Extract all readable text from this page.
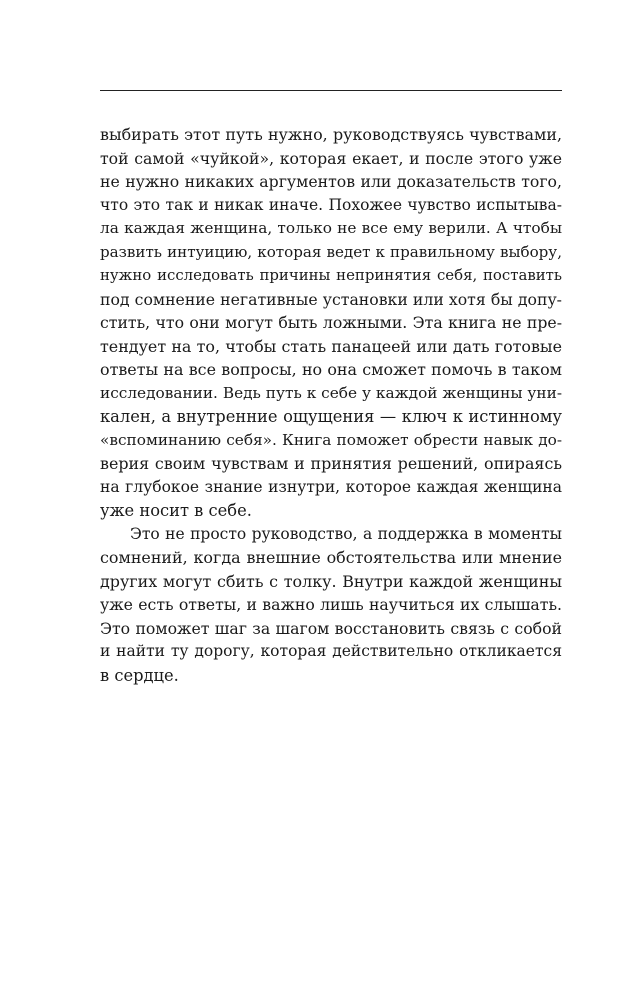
выбирать этот путь нужно, руководствуясь чувствами,
той самой «чуйкой», которая екает, и после этого уже
не нужно никаких аргументов или доказательств того,
что это так и никак иначе. Похожее чувство испытыва-
ла каждая женщина, только не все ему верили. А чтобы
развить интуицию, которая ведет к правильному выбору,
нужно исследовать причины непринятия себя, поставить
под сомнение негативные установки или хотя бы допу-
стить, что они могут быть ложными. Эта книга не пре-
тендует на то, чтобы стать панацеей или дать готовые
ответы на все вопросы, но она сможет помочь в таком
исследовании. Ведь путь к себе у каждой женщины уни-
кален, а внутренние ощущения — ключ к истинному
«вспоминанию себя». Книга поможет обрести навык до-
верия своим чувствам и принятия решений, опираясь
на глубокое знание изнутри, которое каждая женщина
уже носит в себе.
Это не просто руководство, а поддержка в моменты
сомнений, когда внешние обстоятельства или мнение
других могут сбить с толку. Внутри каждой женщины
уже есть ответы, и важно лишь научиться их слышать.
Это поможет шаг за шагом восстановить связь с собой
и найти ту дорогу, которая действительно откликается
в сердце.
